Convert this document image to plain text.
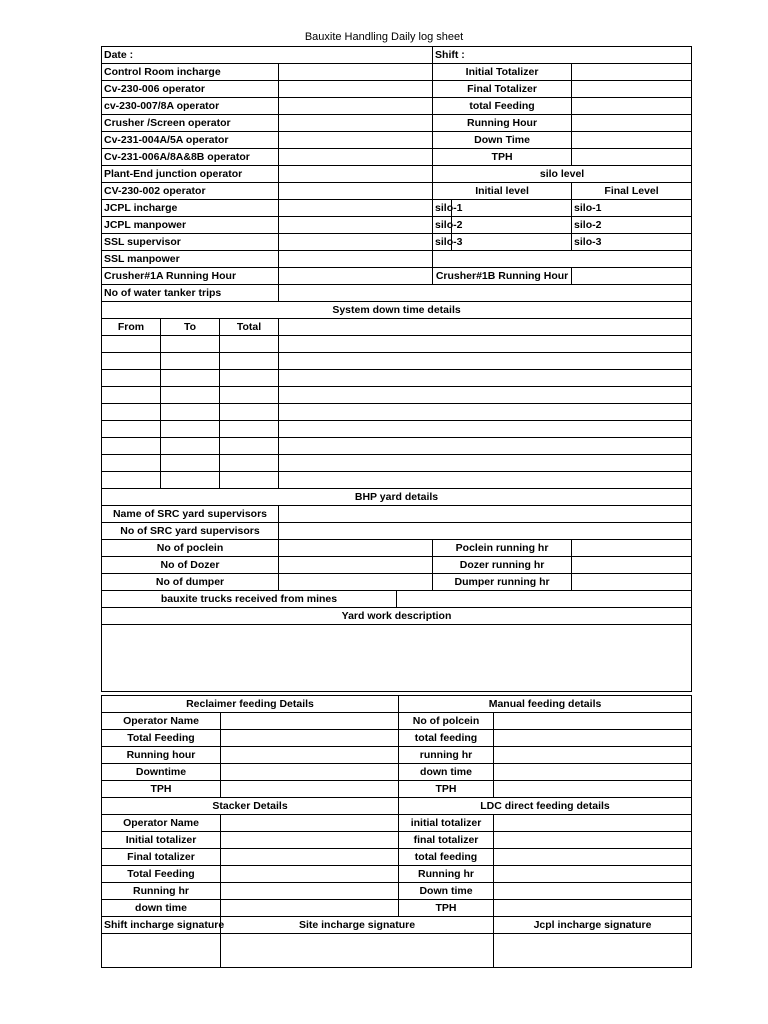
Bauxite Handling Daily log sheet
Date :					Shift :			
Control Room incharge					Initial Totalizer			
Cv-230-006 operator					Final Totalizer			
cv-230-007/8A operator					total Feeding			
Crusher /Screen operator					Running Hour			
Cv-231-004A/5A operator					Down Time			
Cv-231-006A/8A&8B operator					TPH			
Plant-End junction operator					silo level			
CV-230-002 operator					Initial level		Final Level	
JCPL incharge					silo-1		silo-1	
JCPL manpower					silo-2		silo-2	
SSL supervisor					silo-3		silo-3	
SSL manpower								
Crusher#1A Running Hour					Crusher#1B Running Hour			
No of water tanker trips								
System down time details								
From	To	Total						

BHP yard details								
Name of SRC yard supervisors								
No of SRC yard supervisors								
No of poclein					Poclein running hr			
No of Dozer					Dozer running hr			
No of dumper					Dumper running hr			
bauxite trucks received from mines								
Yard work description								

Reclaimer feeding Details		Manual feeding details	
Operator Name		No of polcein	
Total Feeding		total feeding	
Running hour		running hr	
Downtime		down time	
TPH		TPH	
Stacker Details		LDC direct feeding details	
Operator Name		initial totalizer	
Initial totalizer		final totalizer	
Final totalizer		total feeding	
Total Feeding		Running hr	
Running hr		Down time	
down time		TPH	
Shift incharge signature	Site incharge signature		Jcpl incharge signature
